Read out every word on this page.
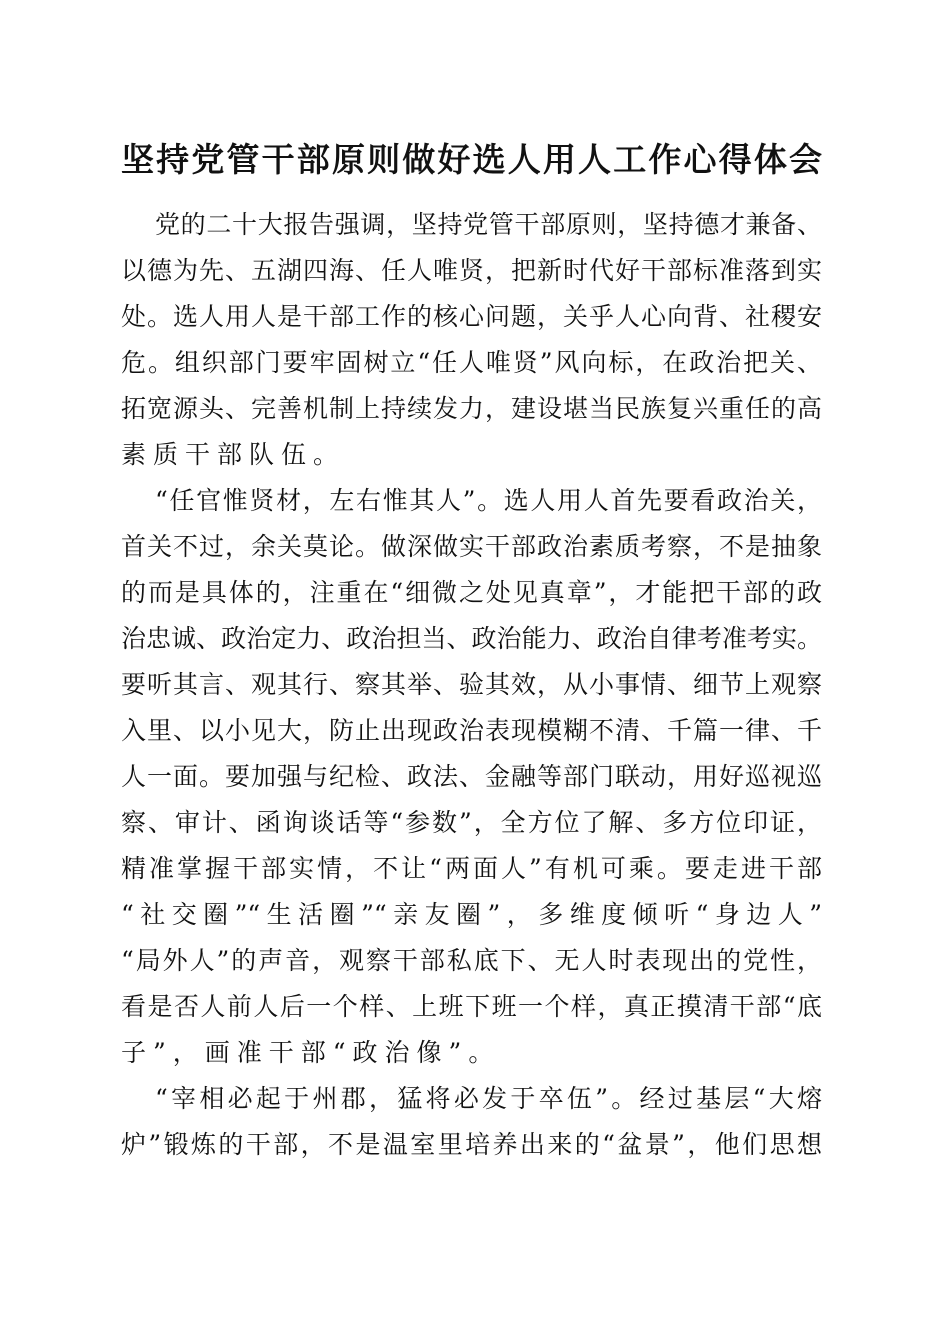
坚持党管干部原则做好选人用人工作心得体会
党的二十大报告强调，坚持党管干部原则，坚持德才兼备、
以德为先、五湖四海、任人唯贤，把新时代好干部标准落到实
处。选人用人是干部工作的核心问题，关乎人心向背、社稷安
危。组织部门要牢固树立“任人唯贤”风向标，在政治把关、
拓宽源头、完善机制上持续发力，建设堪当民族复兴重任的高
素质干部队伍。
“任官惟贤材，左右惟其人”。选人用人首先要看政治关，
首关不过，余关莫论。做深做实干部政治素质考察，不是抽象
的而是具体的，注重在“细微之处见真章”，才能把干部的政
治忠诚、政治定力、政治担当、政治能力、政治自律考准考实。
要听其言、观其行、察其举、验其效，从小事情、细节上观察
入里、以小见大，防止出现政治表现模糊不清、千篇一律、千
人一面。要加强与纪检、政法、金融等部门联动，用好巡视巡
察、审计、函询谈话等“参数”，全方位了解、多方位印证，
精准掌握干部实情，不让“两面人”有机可乘。要走进干部
“社交圈”“生活圈”“亲友圈”，多维度倾听“身边人”
“局外人”的声音，观察干部私底下、无人时表现出的党性，
看是否人前人后一个样、上班下班一个样，真正摸清干部“底
子”，画准干部“政治像”。
“宰相必起于州郡，猛将必发于卒伍”。经过基层“大熔
炉”锻炼的干部，不是温室里培养出来的“盆景”，他们思想
